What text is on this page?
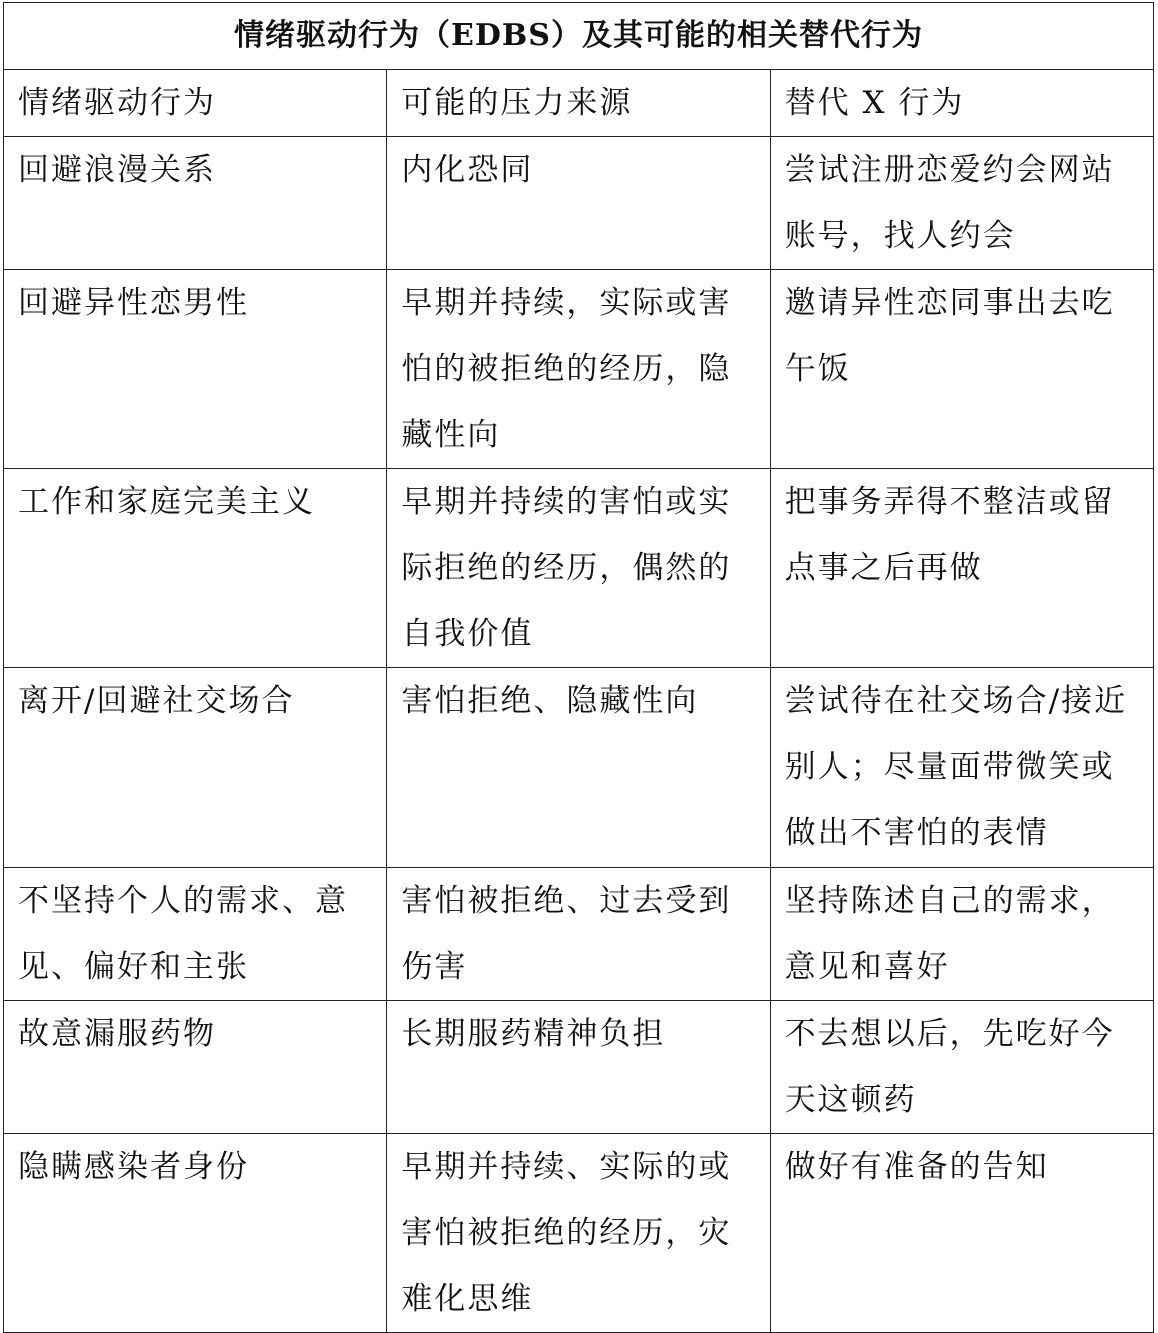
情绪驱动行为（EDBS）及其可能的相关替代行为		
情绪驱动行为	可能的压力来源	替代 X 行为
回避浪漫关系	内化恐同	尝试注册恋爱约会网站账号，找人约会
回避异性恋男性	早期并持续，实际或害怕的被拒绝的经历，隐藏性向	邀请异性恋同事出去吃午饭
工作和家庭完美主义	早期并持续的害怕或实际拒绝的经历，偶然的自我价值	把事务弄得不整洁或留点事之后再做
离开/回避社交场合	害怕拒绝、隐藏性向	尝试待在社交场合/接近别人；尽量面带微笑或做出不害怕的表情
不坚持个人的需求、意见、偏好和主张	害怕被拒绝、过去受到伤害	坚持陈述自己的需求，意见和喜好
故意漏服药物	长期服药精神负担	不去想以后，先吃好今天这顿药
隐瞒感染者身份	早期并持续、实际的或害怕被拒绝的经历，灾难化思维	做好有准备的告知
